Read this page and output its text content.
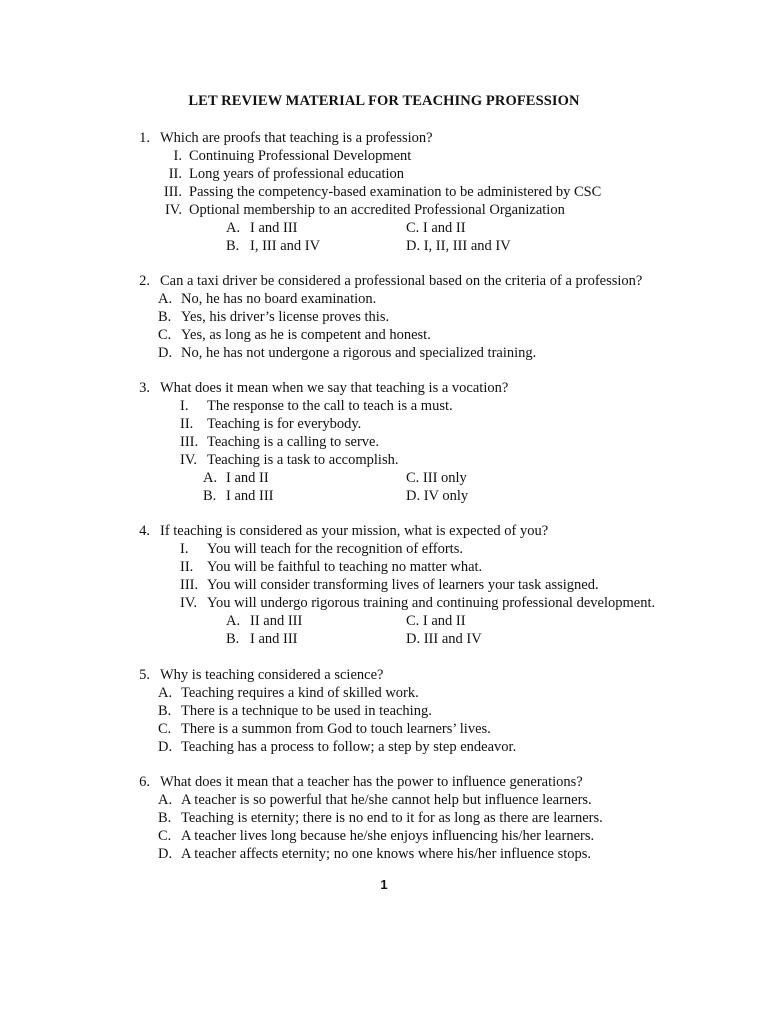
LET REVIEW MATERIAL FOR TEACHING PROFESSION
1. Which are proofs that teaching is a profession?
I. Continuing Professional Development
II. Long years of professional education
III. Passing the competency-based examination to be administered by CSC
IV. Optional membership to an accredited Professional Organization
A. I and III	C. I and II
B. I, III and IV	D. I, II, III and IV
2. Can a taxi driver be considered a professional based on the criteria of a profession?
A. No, he has no board examination.
B. Yes, his driver’s license proves this.
C. Yes, as long as he is competent and honest.
D. No, he has not undergone a rigorous and specialized training.
3. What does it mean when we say that teaching is a vocation?
I. The response to the call to teach is a must.
II. Teaching is for everybody.
III. Teaching is a calling to serve.
IV. Teaching is a task to accomplish.
A. I and II	C. III only
B. I and III	D. IV only
4. If teaching is considered as your mission, what is expected of you?
I. You will teach for the recognition of efforts.
II. You will be faithful to teaching no matter what.
III. You will consider transforming lives of learners your task assigned.
IV. You will undergo rigorous training and continuing professional development.
A. II and III	C. I and II
B. I and III	D. III and IV
5. Why is teaching considered a science?
A. Teaching requires a kind of skilled work.
B. There is a technique to be used in teaching.
C. There is a summon from God to touch learners’ lives.
D. Teaching has a process to follow; a step by step endeavor.
6. What does it mean that a teacher has the power to influence generations?
A. A teacher is so powerful that he/she cannot help but influence learners.
B. Teaching is eternity; there is no end to it for as long as there are learners.
C. A teacher lives long because he/she enjoys influencing his/her learners.
D. A teacher affects eternity; no one knows where his/her influence stops.
1
